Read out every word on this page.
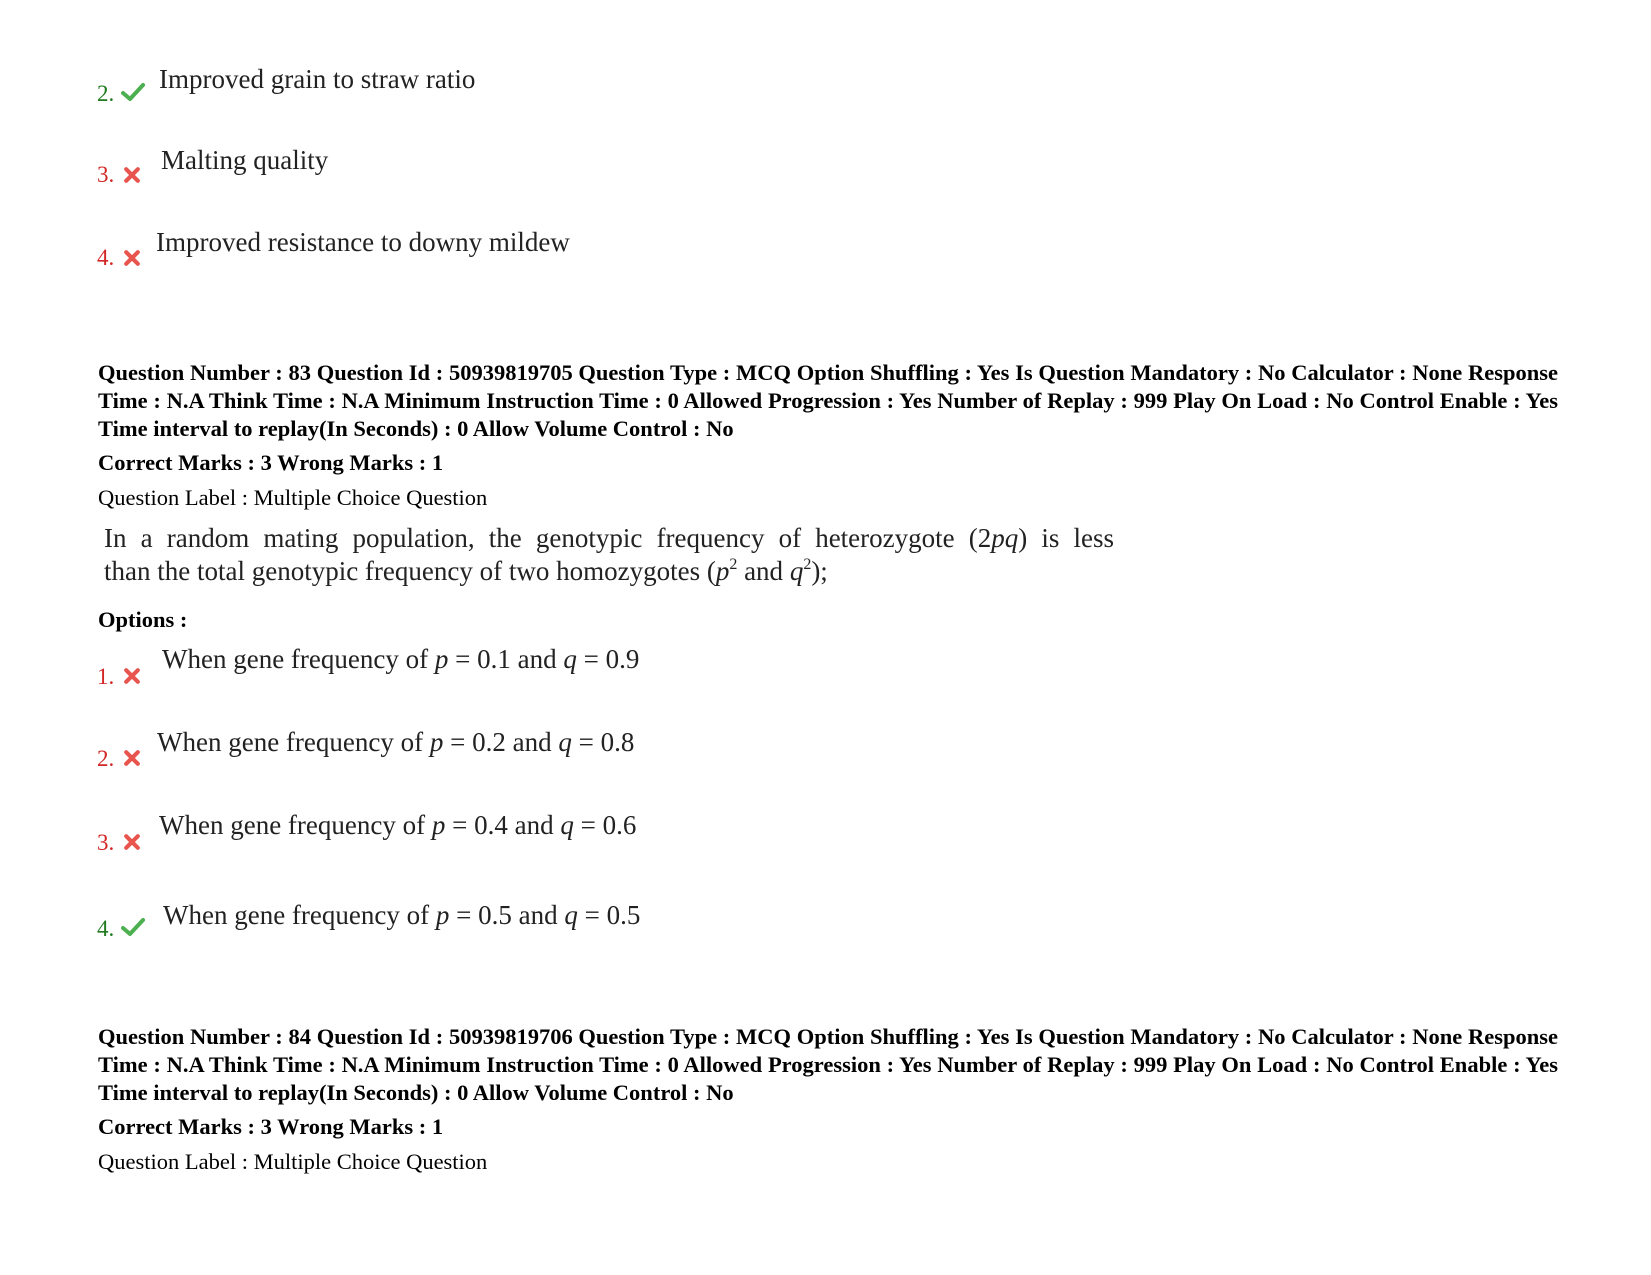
2. Improved grain to straw ratio
3. Malting quality
4.
Improved resistance to downy mildew
Question Number : 83 Question Id : 50939819705 Question Type : MCQ Option Shuffling : Yes Is Question Mandatory : No Calculator : None Response Time : N.A Think Time : N.A Minimum Instruction Time : 0 Allowed Progression : Yes Number of Replay : 999 Play On Load : No Control Enable : Yes Time interval to replay(In Seconds) : 0 Allow Volume Control : No
Correct Marks : 3 Wrong Marks : 1
Question Label : Multiple Choice Question
In a random mating population, the genotypic frequency of heterozygote (2pq) is less
than the total genotypic frequency of two homozygotes ($p^2$ and $q^2$);
Options :
1.
When gene frequency of p = 0.1 and q = 0.9
2.
When gene frequency of p = 0.2 and q = 0.8
3.
When gene frequency of p = 0.4 and q = 0.6
4. When gene frequency of p = 0.5 and q = 0.5
Question Number : 84 Question Id : 50939819706 Question Type : MCQ Option Shuffling : Yes Is Question Mandatory : No Calculator : None Response Time : N.A Think Time : N.A Minimum Instruction Time : 0 Allowed Progression : Yes Number of Replay : 999 Play On Load : No Control Enable : Yes Time interval to replay(In Seconds) : 0 Allow Volume Control : No
Correct Marks : 3 Wrong Marks : 1
Question Label : Multiple Choice Question
